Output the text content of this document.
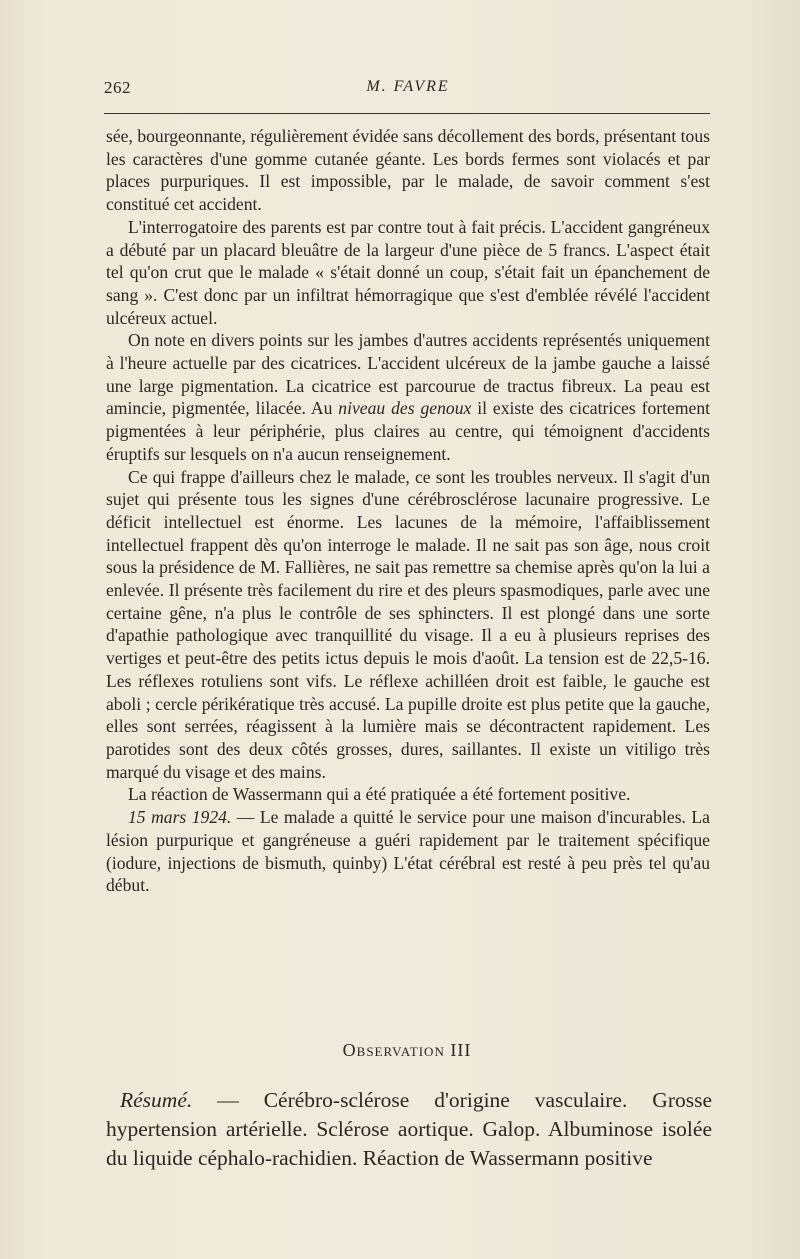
262	M. FAVRE

sée, bourgeonnante, régulièrement évidée sans décollement des bords, présentant tous les caractères d'une gomme cutanée géante. Les bords fermes sont violacés et par places purpuriques. Il est impossible, par le malade, de savoir comment s'est constitué cet accident.

L'interrogatoire des parents est par contre tout à fait précis. L'accident gangréneux a débuté par un placard bleuâtre de la largeur d'une pièce de 5 francs. L'aspect était tel qu'on crut que le malade « s'était donné un coup, s'était fait un épanchement de sang ». C'est donc par un infiltrat hémorragique que s'est d'emblée révélé l'accident ulcéreux actuel.

On note en divers points sur les jambes d'autres accidents représentés uniquement à l'heure actuelle par des cicatrices. L'accident ulcéreux de la jambe gauche a laissé une large pigmentation. La cicatrice est parcourue de tractus fibreux. La peau est amincie, pigmentée, lilacée. Au niveau des genoux il existe des cicatrices fortement pigmentées à leur périphérie, plus claires au centre, qui témoignent d'accidents éruptifs sur lesquels on n'a aucun renseignement.

Ce qui frappe d'ailleurs chez le malade, ce sont les troubles nerveux. Il s'agit d'un sujet qui présente tous les signes d'une cérébrosclérose lacunaire progressive. Le déficit intellectuel est énorme. Les lacunes de la mémoire, l'affaiblissement intellectuel frappent dès qu'on interroge le malade. Il ne sait pas son âge, nous croit sous la présidence de M. Fallières, ne sait pas remettre sa chemise après qu'on la lui a enlevée. Il présente très facilement du rire et des pleurs spasmodiques, parle avec une certaine gêne, n'a plus le contrôle de ses sphincters. Il est plongé dans une sorte d'apathie pathologique avec tranquillité du visage. Il a eu à plusieurs reprises des vertiges et peut-être des petits ictus depuis le mois d'août. La tension est de 22,5-16. Les réflexes rotuliens sont vifs. Le réflexe achilléen droit est faible, le gauche est aboli ; cercle périkératique très accusé. La pupille droite est plus petite que la gauche, elles sont serrées, réagissent à la lumière mais se décontractent rapidement. Les parotides sont des deux côtés grosses, dures, saillantes. Il existe un vitiligo très marqué du visage et des mains.

La réaction de Wassermann qui a été pratiquée a été fortement positive.

15 mars 1924. — Le malade a quitté le service pour une maison d'incurables. La lésion purpurique et gangréneuse a guéri rapidement par le traitement spécifique (iodure, injections de bismuth, quinby) L'état cérébral est resté à peu près tel qu'au début.

Observation III
Résumé. — Cérébro-sclérose d'origine vasculaire. Grosse hypertension artérielle. Sclérose aortique. Galop. Albuminose isolée du liquide céphalo-rachidien. Réaction de Wassermann positive
